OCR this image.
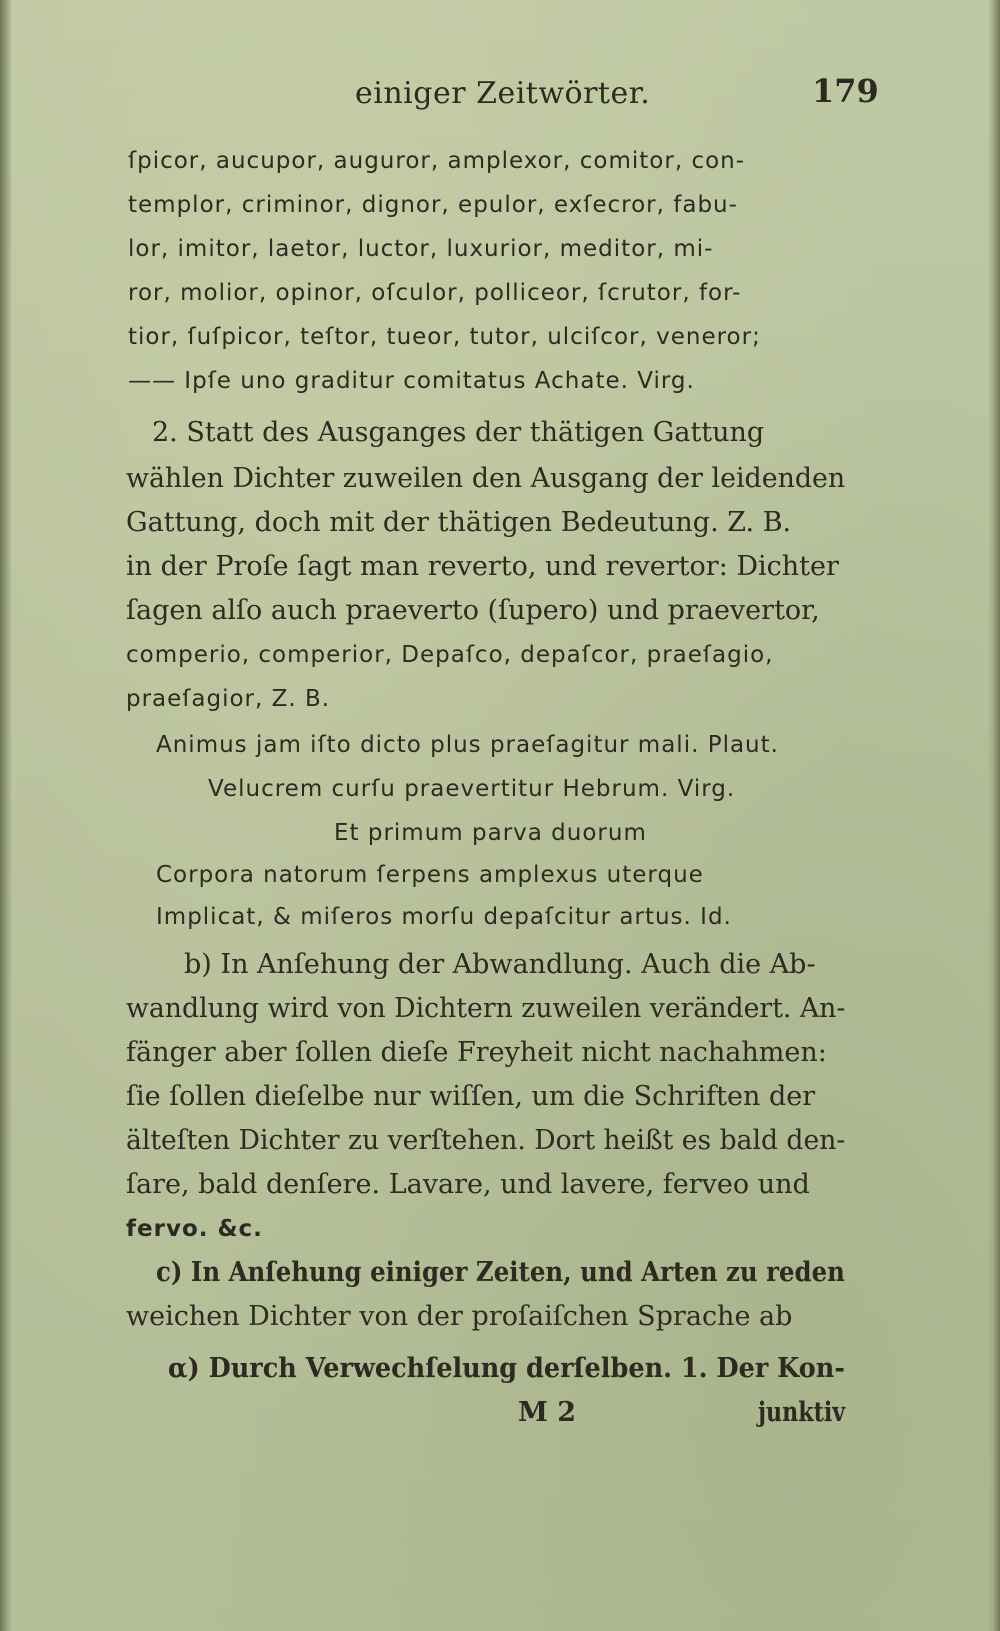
einiger Zeitwörter.	179
ſpicor, aucupor, auguror, amplexor, comitor, con-
templor, criminor, dignor, epulor, exſecror, fabu-
lor, imitor, laetor, luctor, luxurior, meditor, mi-
ror, molior, opinor, oſculor, polliceor, ſcrutor, for-
tior, ſuſpicor, teſtor, tueor, tutor, ulciſcor, veneror;
—— Ipſe uno graditur comitatus Achate. Virg.
2. Statt des Ausganges der thätigen Gattung
wählen Dichter zuweilen den Ausgang der leidenden
Gattung, doch mit der thätigen Bedeutung. Z. B.
in der Proſe ſagt man reverto, und revertor: Dichter
ſagen alſo auch praeverto (ſupero) und praevertor,
comperio, comperior, Depaſco, depaſcor, praeſagio,
praeſagior, Z. B.
Animus jam iſto dicto plus praeſagitur mali. Plaut.
Velucrem curſu praevertitur Hebrum. Virg.
Et primum parva duorum
Corpora natorum ſerpens amplexus uterque
Implicat, & miſeros morſu depaſcitur artus. Id.
b) In Anſehung der Abwandlung. Auch die Ab-
wandlung wird von Dichtern zuweilen verändert. An-
fänger aber ſollen dieſe Freyheit nicht nachahmen:
ſie ſollen dieſelbe nur wiſſen, um die Schriften der
älteſten Dichter zu verſtehen. Dort heißt es bald den-
ſare, bald denſere. Lavare, und lavere, ferveo und
fervo. &c.
c) In Anſehung einiger Zeiten, und Arten zu reden
weichen Dichter von der proſaiſchen Sprache ab
α) Durch Verwechſelung derſelben. 1. Der Kon-
M 2	junktiv
